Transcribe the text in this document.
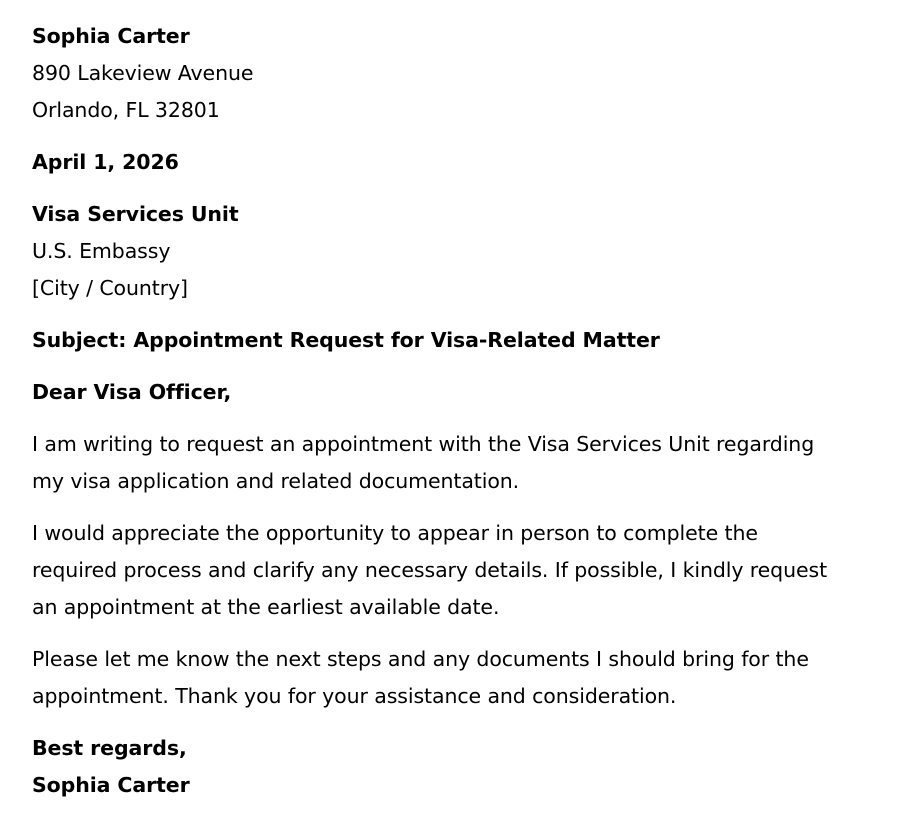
Sophia Carter
890 Lakeview Avenue
Orlando, FL 32801
April 1, 2026
Visa Services Unit
U.S. Embassy
[City / Country]
Subject: Appointment Request for Visa-Related Matter
Dear Visa Officer,
I am writing to request an appointment with the Visa Services Unit regarding
my visa application and related documentation.
I would appreciate the opportunity to appear in person to complete the
required process and clarify any necessary details. If possible, I kindly request
an appointment at the earliest available date.
Please let me know the next steps and any documents I should bring for the
appointment. Thank you for your assistance and consideration.
Best regards,
Sophia Carter
